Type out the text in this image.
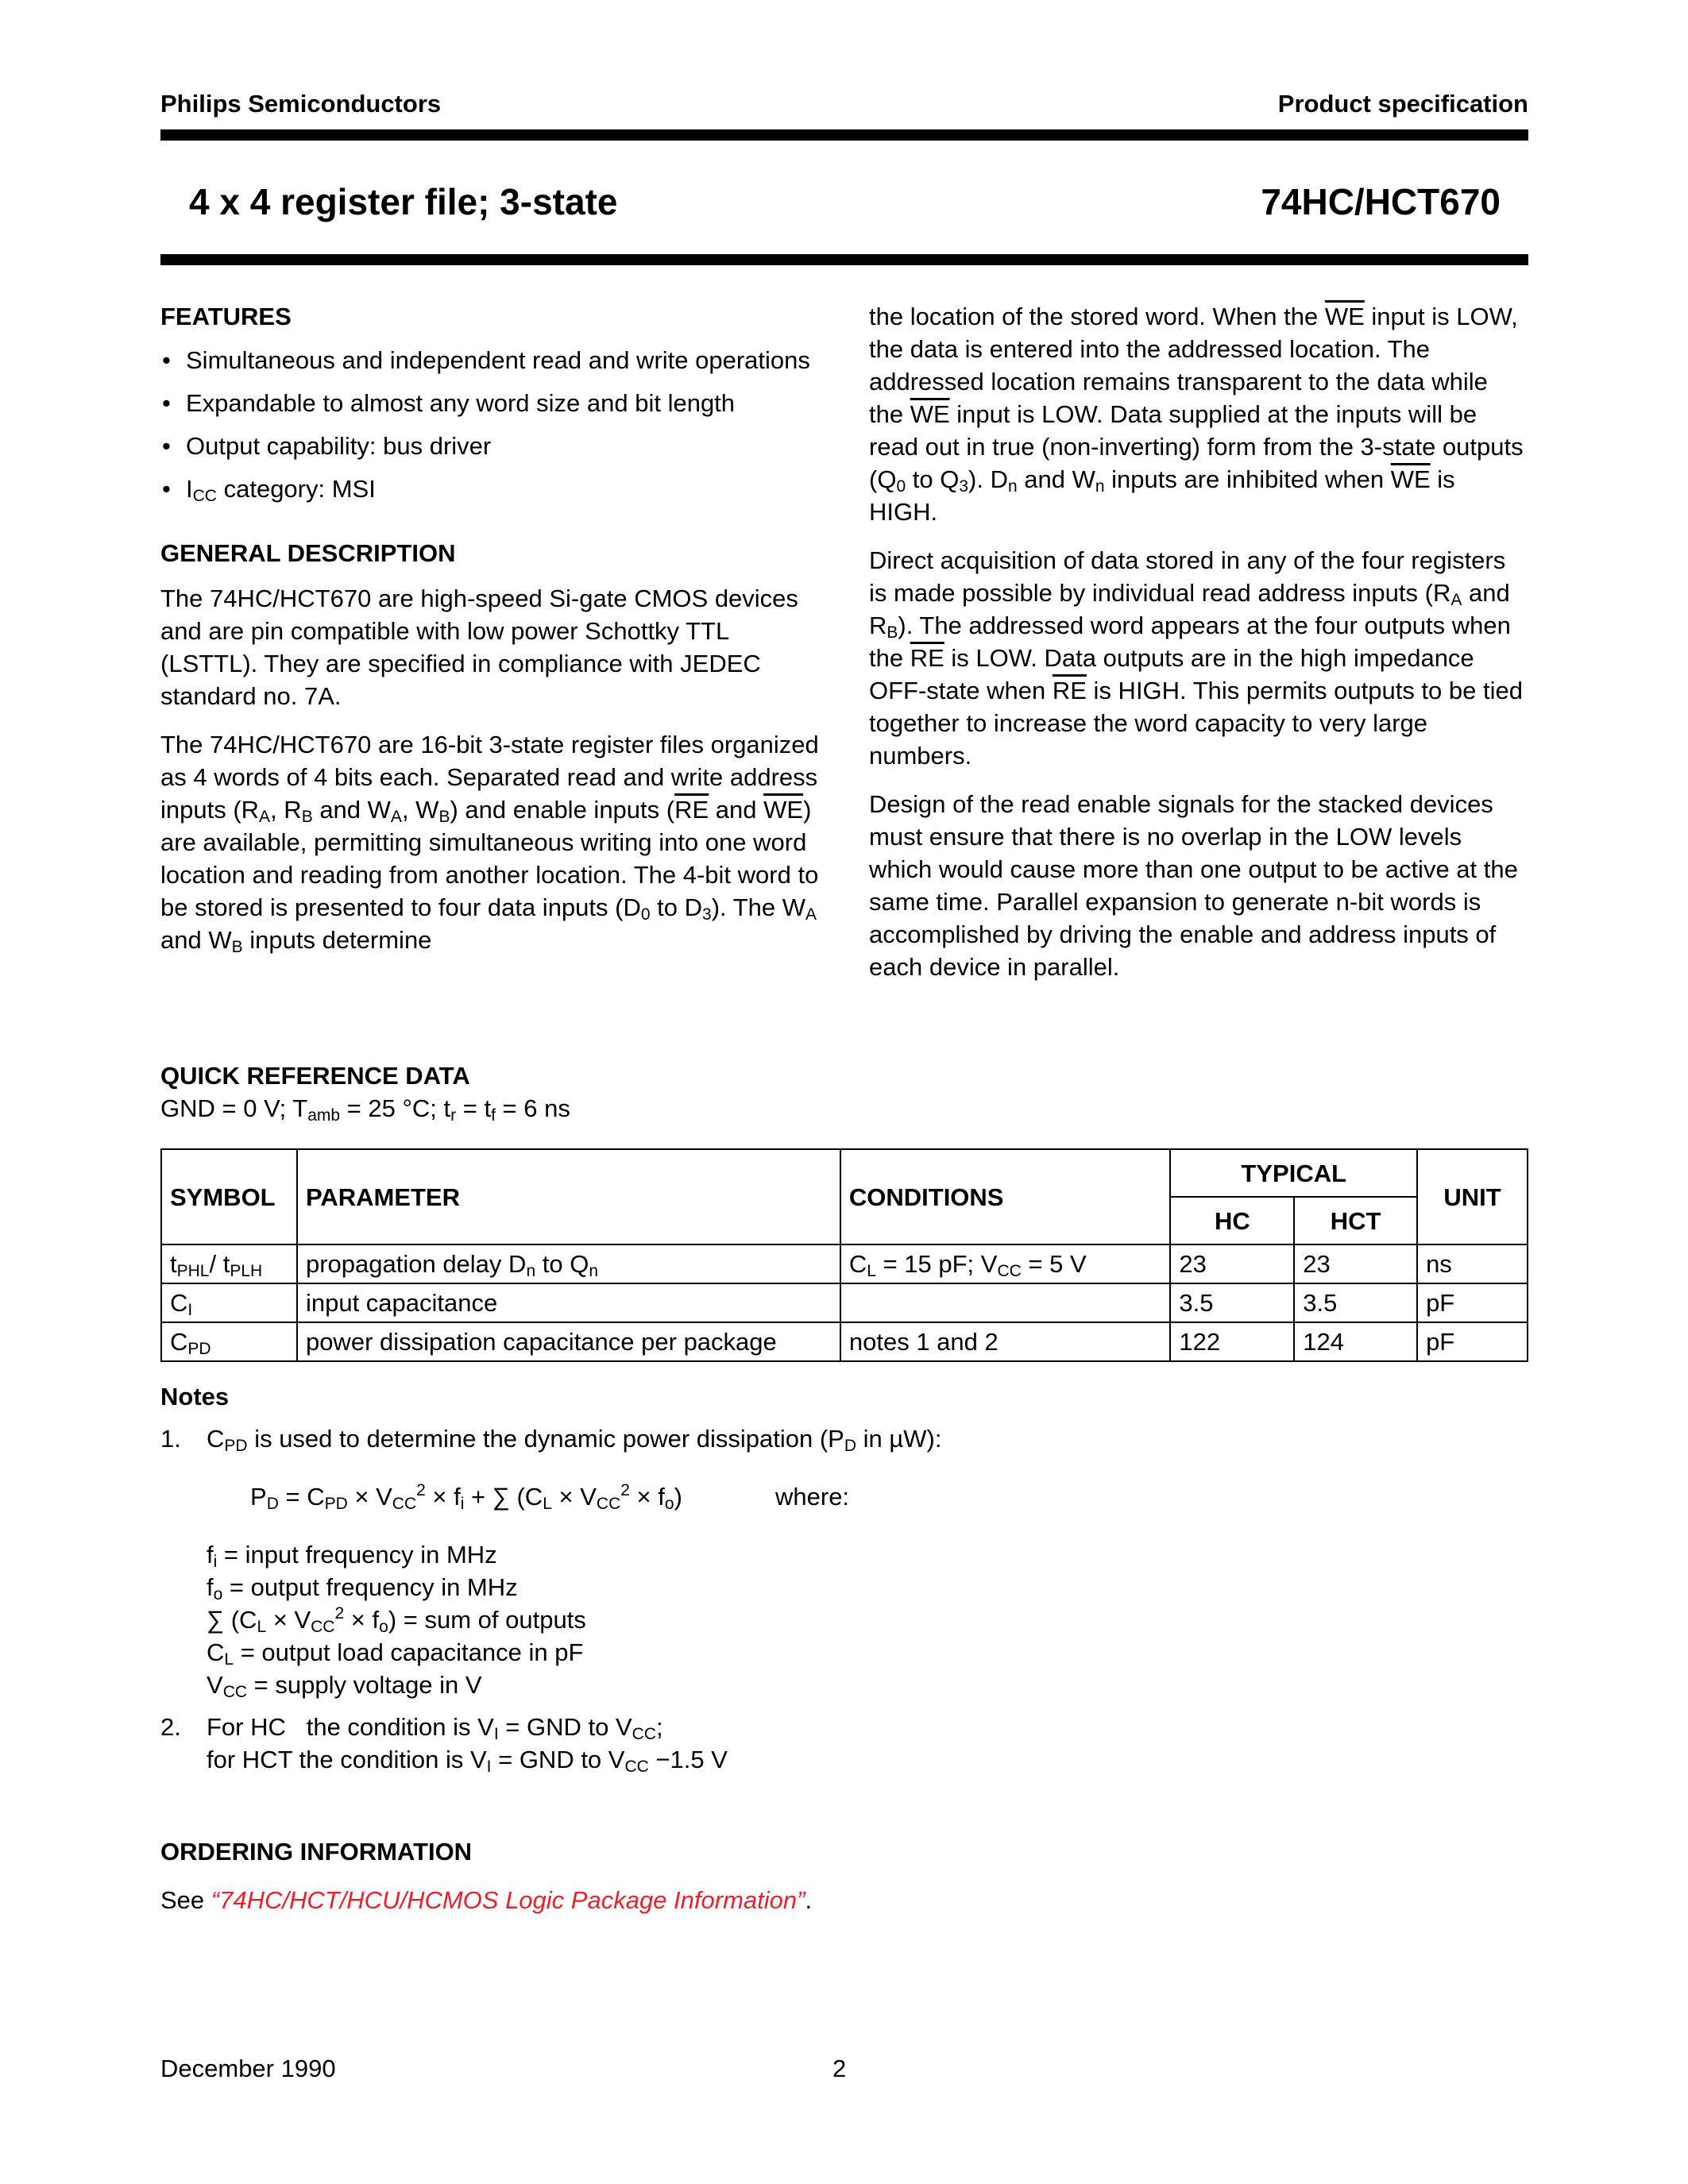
Philips Semiconductors	Product specification
4 x 4 register file; 3-state	74HC/HCT670
FEATURES
• Simultaneous and independent read and write operations
• Expandable to almost any word size and bit length
• Output capability: bus driver
• $I_{CC}$ category: MSI
GENERAL DESCRIPTION

The 74HC/HCT670 are high-speed Si-gate CMOS devices and are pin compatible with low power Schottky TTL (LSTTL). They are specified in compliance with JEDEC standard no. 7A.

The 74HC/HCT670 are 16-bit 3-state register files organized as 4 words of 4 bits each. Separated read and write address inputs ($R_A$, $R_B$ and $W_A$, $W_B$) and enable inputs ($\overline{RE}$ and $\overline{WE}$) are available, permitting simultaneous writing into one word location and reading from another location. The 4-bit word to be stored is presented to four data inputs ($D_0$ to $D_3$). The $W_A$ and $W_B$ inputs determine

the location of the stored word. When the $\overline{WE}$ input is LOW, the data is entered into the addressed location. The addressed location remains transparent to the data while the $\overline{WE}$ input is LOW. Data supplied at the inputs will be read out in true (non-inverting) form from the 3-state outputs ($Q_0$ to $Q_3$). $D_n$ and $W_n$ inputs are inhibited when $\overline{WE}$ is HIGH.

Direct acquisition of data stored in any of the four registers is made possible by individual read address inputs ($R_A$ and $R_B$). The addressed word appears at the four outputs when the $\overline{RE}$ is LOW. Data outputs are in the high impedance OFF-state when $\overline{RE}$ is HIGH. This permits outputs to be tied together to increase the word capacity to very large numbers.

Design of the read enable signals for the stacked devices must ensure that there is no overlap in the LOW levels which would cause more than one output to be active at the same time. Parallel expansion to generate n-bit words is accomplished by driving the enable and address inputs of each device in parallel.

QUICK REFERENCE DATA
GND = 0 V; $T_{amb} = 25$ °C; $t_r = t_f = 6$ ns
SYMBOL	PARAMETER	CONDITIONS	TYPICAL		UNIT
			HC	HCT	
$t_{PHL}/$ $t_{PLH}$	propagation delay $D_n$ to $Q_n$	$C_L = 15$ pF; $V_{CC} = 5$ V	23	23	ns
$C_I$	input capacitance		3.5	3.5	pF
$C_{PD}$	power dissipation capacitance per package	notes 1 and 2	122	124	pF
Notes
1. $C_{PD}$ is used to determine the dynamic power dissipation ($P_D$ in µW):
$P_D = C_{PD} \times V_{CC}^2 \times f_i$ + ∑ $(C_L \times V_{CC}^2 \times f_o)$	where:
$f_i$ = input frequency in MHz
$f_o$ = output frequency in MHz
∑ $(C_L \times V_{CC}^2 \times f_o)$ = sum of outputs
$C_L$ = output load capacitance in pF
$V_{CC}$ = supply voltage in V
2. For HC   the condition is $V_I$ = GND to $V_{CC}$;
for HCT the condition is $V_I$ = GND to $V_{CC} -1.5$ V
ORDERING INFORMATION
See “74HC/HCT/HCU/HCMOS Logic Package Information”.
December 1990	2
